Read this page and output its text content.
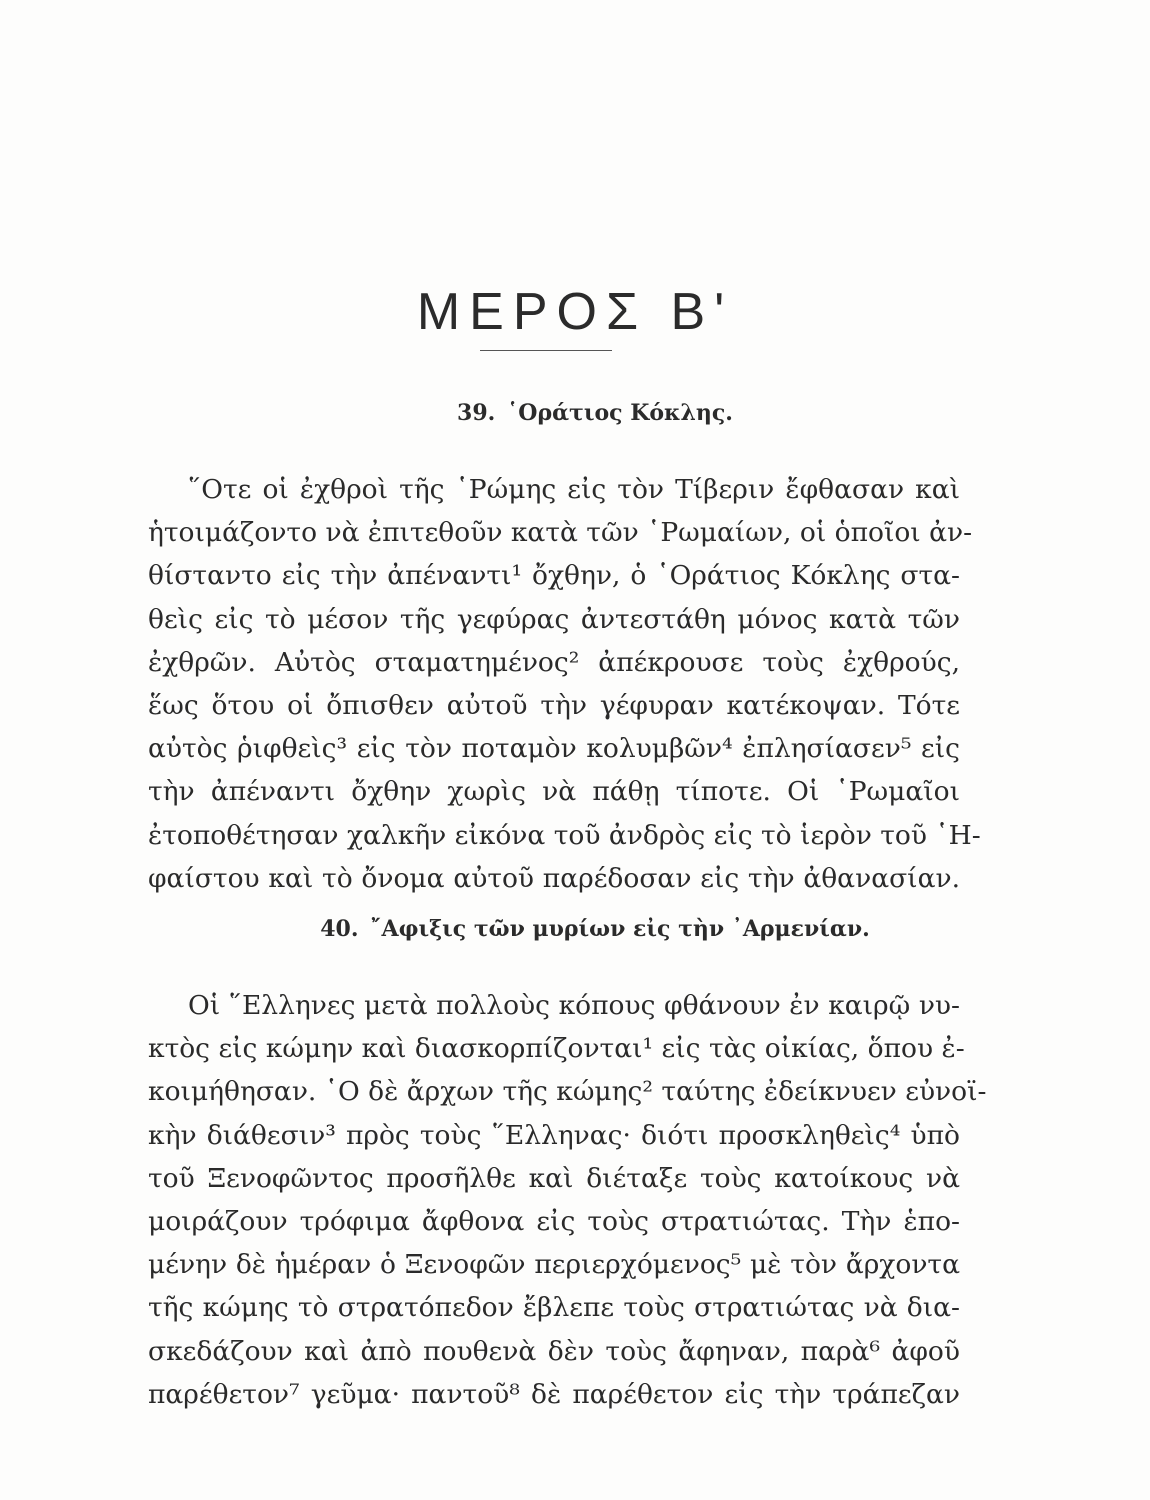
ΜΕΡΟΣ Β'
39. ῾Οράτιος Κόκλης.
῞Οτε οἱ ἐχθροὶ τῆς ῾Ρώμης εἰς τὸν Τίβεριν ἔφθασαν καὶ
ἡτοιμάζοντο νὰ ἐπιτεθοῦν κατὰ τῶν ῾Ρωμαίων, οἱ ὁποῖοι ἀν-
θίσταντο εἰς τὴν ἀπέναντι¹ ὄχθην, ὁ ῾Οράτιος Κόκλης στα-
θεὶς εἰς τὸ μέσον τῆς γεφύρας ἀντεστάθη μόνος κατὰ τῶν
ἐχθρῶν. Αὐτὸς σταματημένος² ἀπέκρουσε τοὺς ἐχθρούς,
ἕως ὅτου οἱ ὄπισθεν αὐτοῦ τὴν γέφυραν κατέκοψαν. Τότε
αὐτὸς ῥιφθεὶς³ εἰς τὸν ποταμὸν κολυμβῶν⁴ ἐπλησίασεν⁵ εἰς
τὴν ἀπέναντι ὄχθην χωρὶς νὰ πάθῃ τίποτε. Οἱ ῾Ρωμαῖοι
ἐτοποθέτησαν χαλκῆν εἰκόνα τοῦ ἀνδρὸς εἰς τὸ ἱερὸν τοῦ ῾Η-
φαίστου καὶ τὸ ὄνομα αὐτοῦ παρέδοσαν εἰς τὴν ἀθανασίαν.
40. ῎Αφιξις τῶν μυρίων εἰς τὴν ᾿Αρμενίαν.
Οἱ ῞Ελληνες μετὰ πολλοὺς κόπους φθάνουν ἐν καιρῷ νυ-
κτὸς εἰς κώμην καὶ διασκορπίζονται¹ εἰς τὰς οἰκίας, ὅπου ἐ-
κοιμήθησαν. ῾Ο δὲ ἄρχων τῆς κώμης² ταύτης ἐδείκνυεν εὐνοϊ-
κὴν διάθεσιν³ πρὸς τοὺς ῞Ελληνας· διότι προσκληθεὶς⁴ ὑπὸ
τοῦ Ξενοφῶντος προσῆλθε καὶ διέταξε τοὺς κατοίκους νὰ
μοιράζουν τρόφιμα ἄφθονα εἰς τοὺς στρατιώτας. Τὴν ἑπο-
μένην δὲ ἡμέραν ὁ Ξενοφῶν περιερχόμενος⁵ μὲ τὸν ἄρχοντα
τῆς κώμης τὸ στρατόπεδον ἔβλεπε τοὺς στρατιώτας νὰ δια-
σκεδάζουν καὶ ἀπὸ πουθενὰ δὲν τοὺς ἄφηναν, παρὰ⁶ ἀφοῦ
παρέθετον⁷ γεῦμα· παντοῦ⁸ δὲ παρέθετον εἰς τὴν τράπεζαν
